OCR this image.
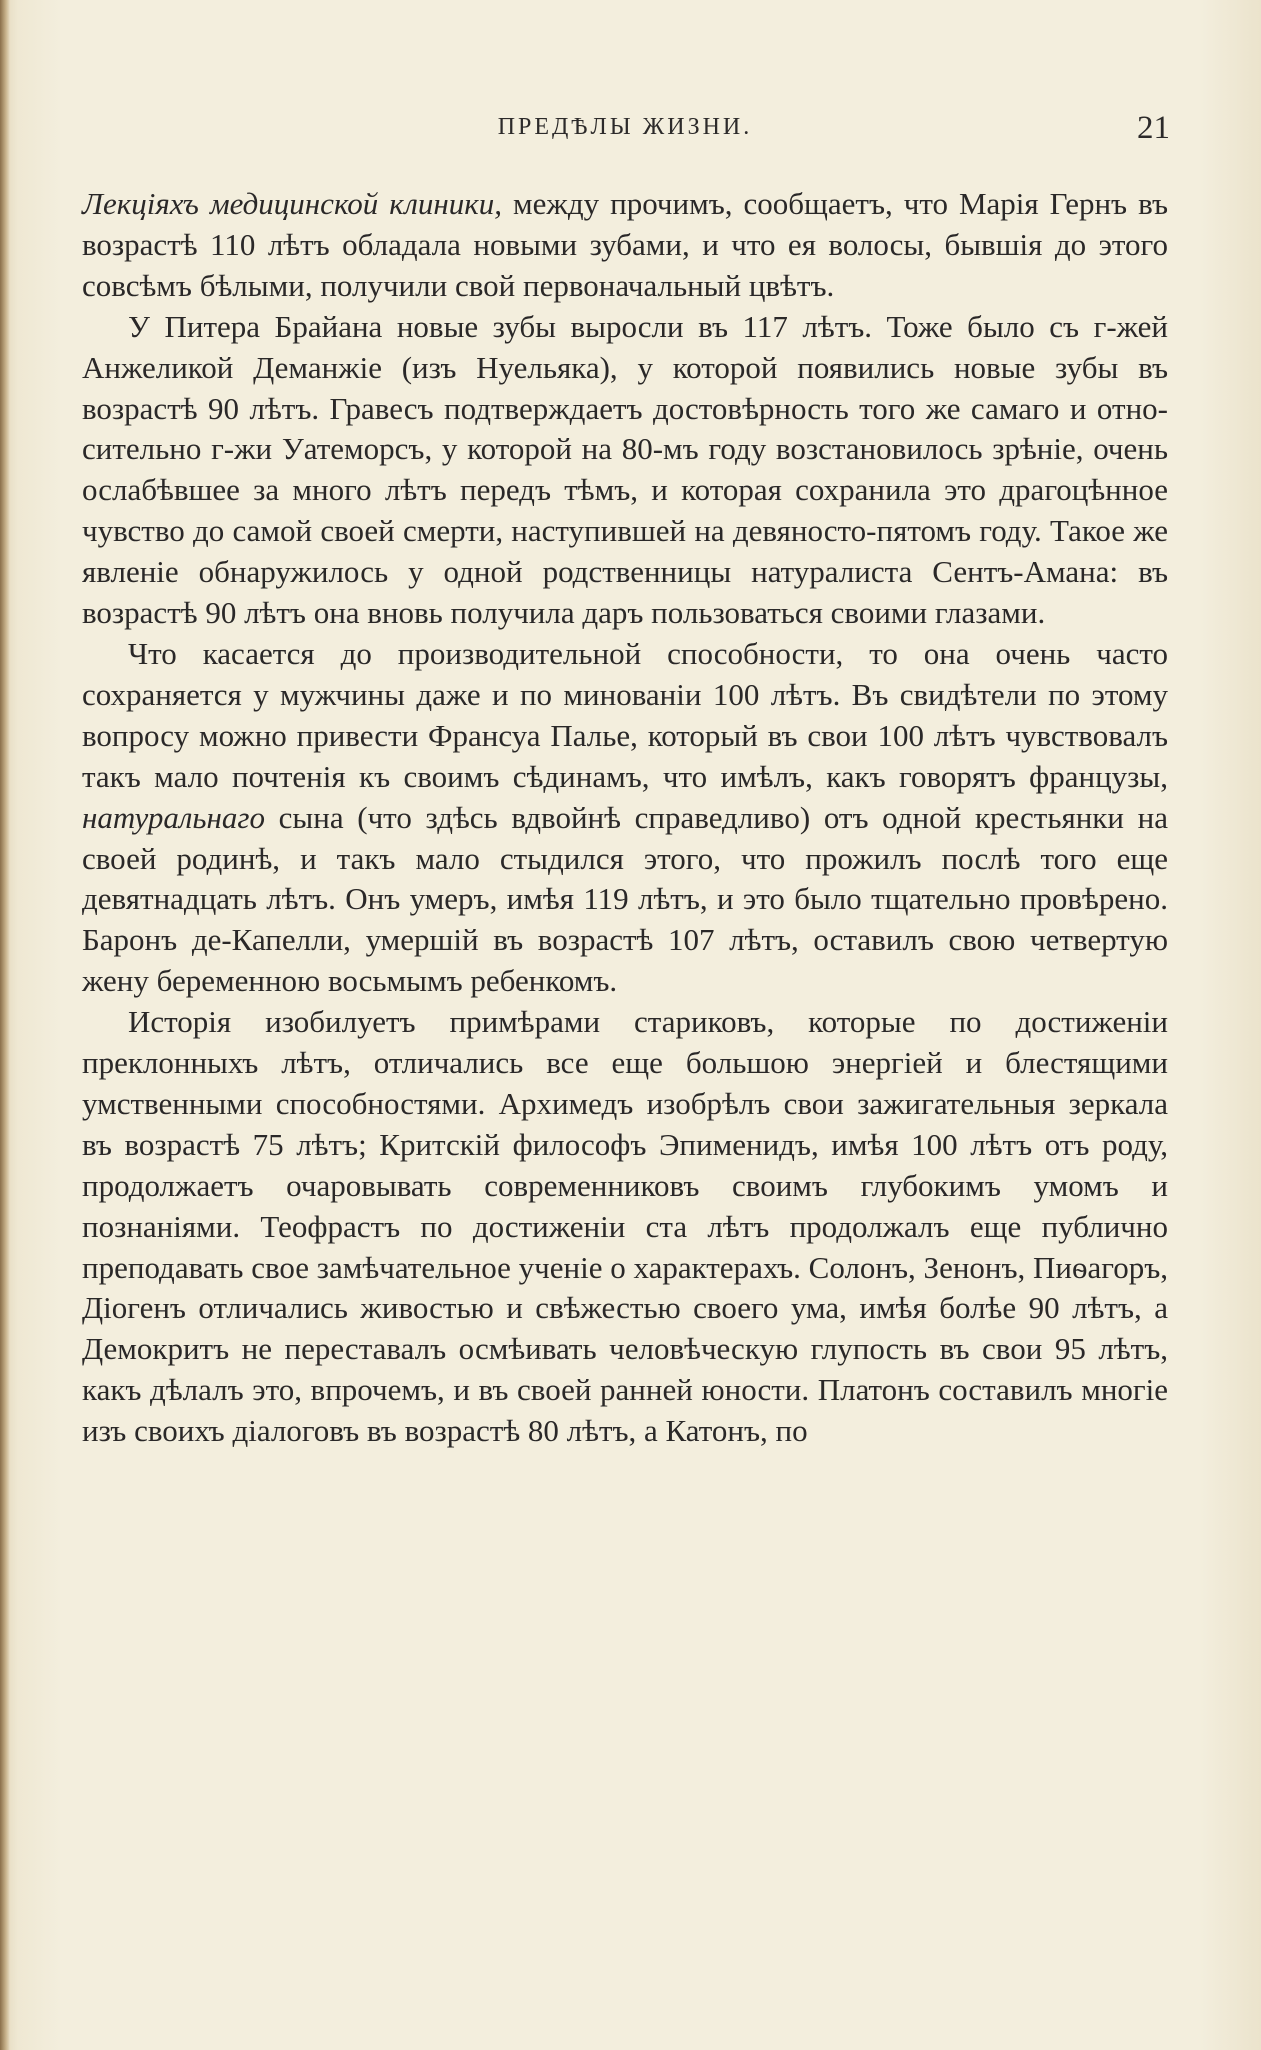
ПРЕДѢЛЫ ЖИЗНИ.	21

Лекціяхъ медицинской клиники, между прочимъ, сообщаетъ, что Марія Гернъ въ возрастѣ 110 лѣтъ обладала новыми зубами, и что ея волосы, бывшія до этого совсѣмъ бѣлыми, получили свой первоначальный цвѣтъ.

У Питера Брайана новые зубы выросли въ 117 лѣтъ. Тоже было съ г-жей Анжеликой Деманжіе (изъ Нуельяка), у которой появились новые зубы въ возрастѣ 90 лѣтъ. Гравесъ подтверждаетъ достовѣрность того же самаго и относительно г-жи Уатеморсъ, у которой на 80-мъ году возстановилось зрѣніе, очень ослабѣвшее за много лѣтъ передъ тѣмъ, и которая сохранила это драгоцѣнное чувство до самой своей смерти, наступившей на девяносто-пятомъ году. Такое же явленіе обнаружилось у одной родственницы натуралиста Сентъ-Амана: въ возрастѣ 90 лѣтъ она вновь получила даръ пользоваться своими глазами.

Что касается до производительной способности, то она очень часто сохраняется у мужчины даже и по минованіи 100 лѣтъ. Въ свидѣтели по этому вопросу можно привести Франсуа Палье, который въ свои 100 лѣтъ чувствовалъ такъ мало почтенія къ своимъ сѣдинамъ, что имѣлъ, какъ говорятъ французы, натуральнаго сына (что здѣсь вдвойнѣ справедливо) отъ одной крестьянки на своей родинѣ, и такъ мало стыдился этого, что прожилъ послѣ того еще девятнадцать лѣтъ. Онъ умеръ, имѣя 119 лѣтъ, и это было тщательно провѣрено. Баронъ де-Капелли, умершій въ возрастѣ 107 лѣтъ, оставилъ свою четвертую жену беременною восьмымъ ребенкомъ.

Исторія изобилуетъ примѣрами стариковъ, которые по достиженіи преклонныхъ лѣтъ, отличались все еще большою энергіей и блестящими умственными способностями. Архимедъ изобрѣлъ свои зажигательныя зеркала въ возрастѣ 75 лѣтъ; Критскій философъ Эпименидъ, имѣя 100 лѣтъ отъ роду, продолжаетъ очаровывать современниковъ своимъ глубокимъ умомъ и познаніями. Теофрастъ по достиженіи ста лѣтъ продолжалъ еще публично преподавать свое замѣчательное ученіе о характерахъ. Солонъ, Зенонъ, Пиѳагоръ, Діогенъ отличались живостью и свѣжестью своего ума, имѣя болѣе 90 лѣтъ, а Демокритъ не переставалъ осмѣивать человѣческую глупость въ свои 95 лѣтъ, какъ дѣлалъ это, впрочемъ, и въ своей ранней юности. Платонъ составилъ многіе изъ своихъ діалоговъ въ возрастѣ 80 лѣтъ, а Катонъ, по
